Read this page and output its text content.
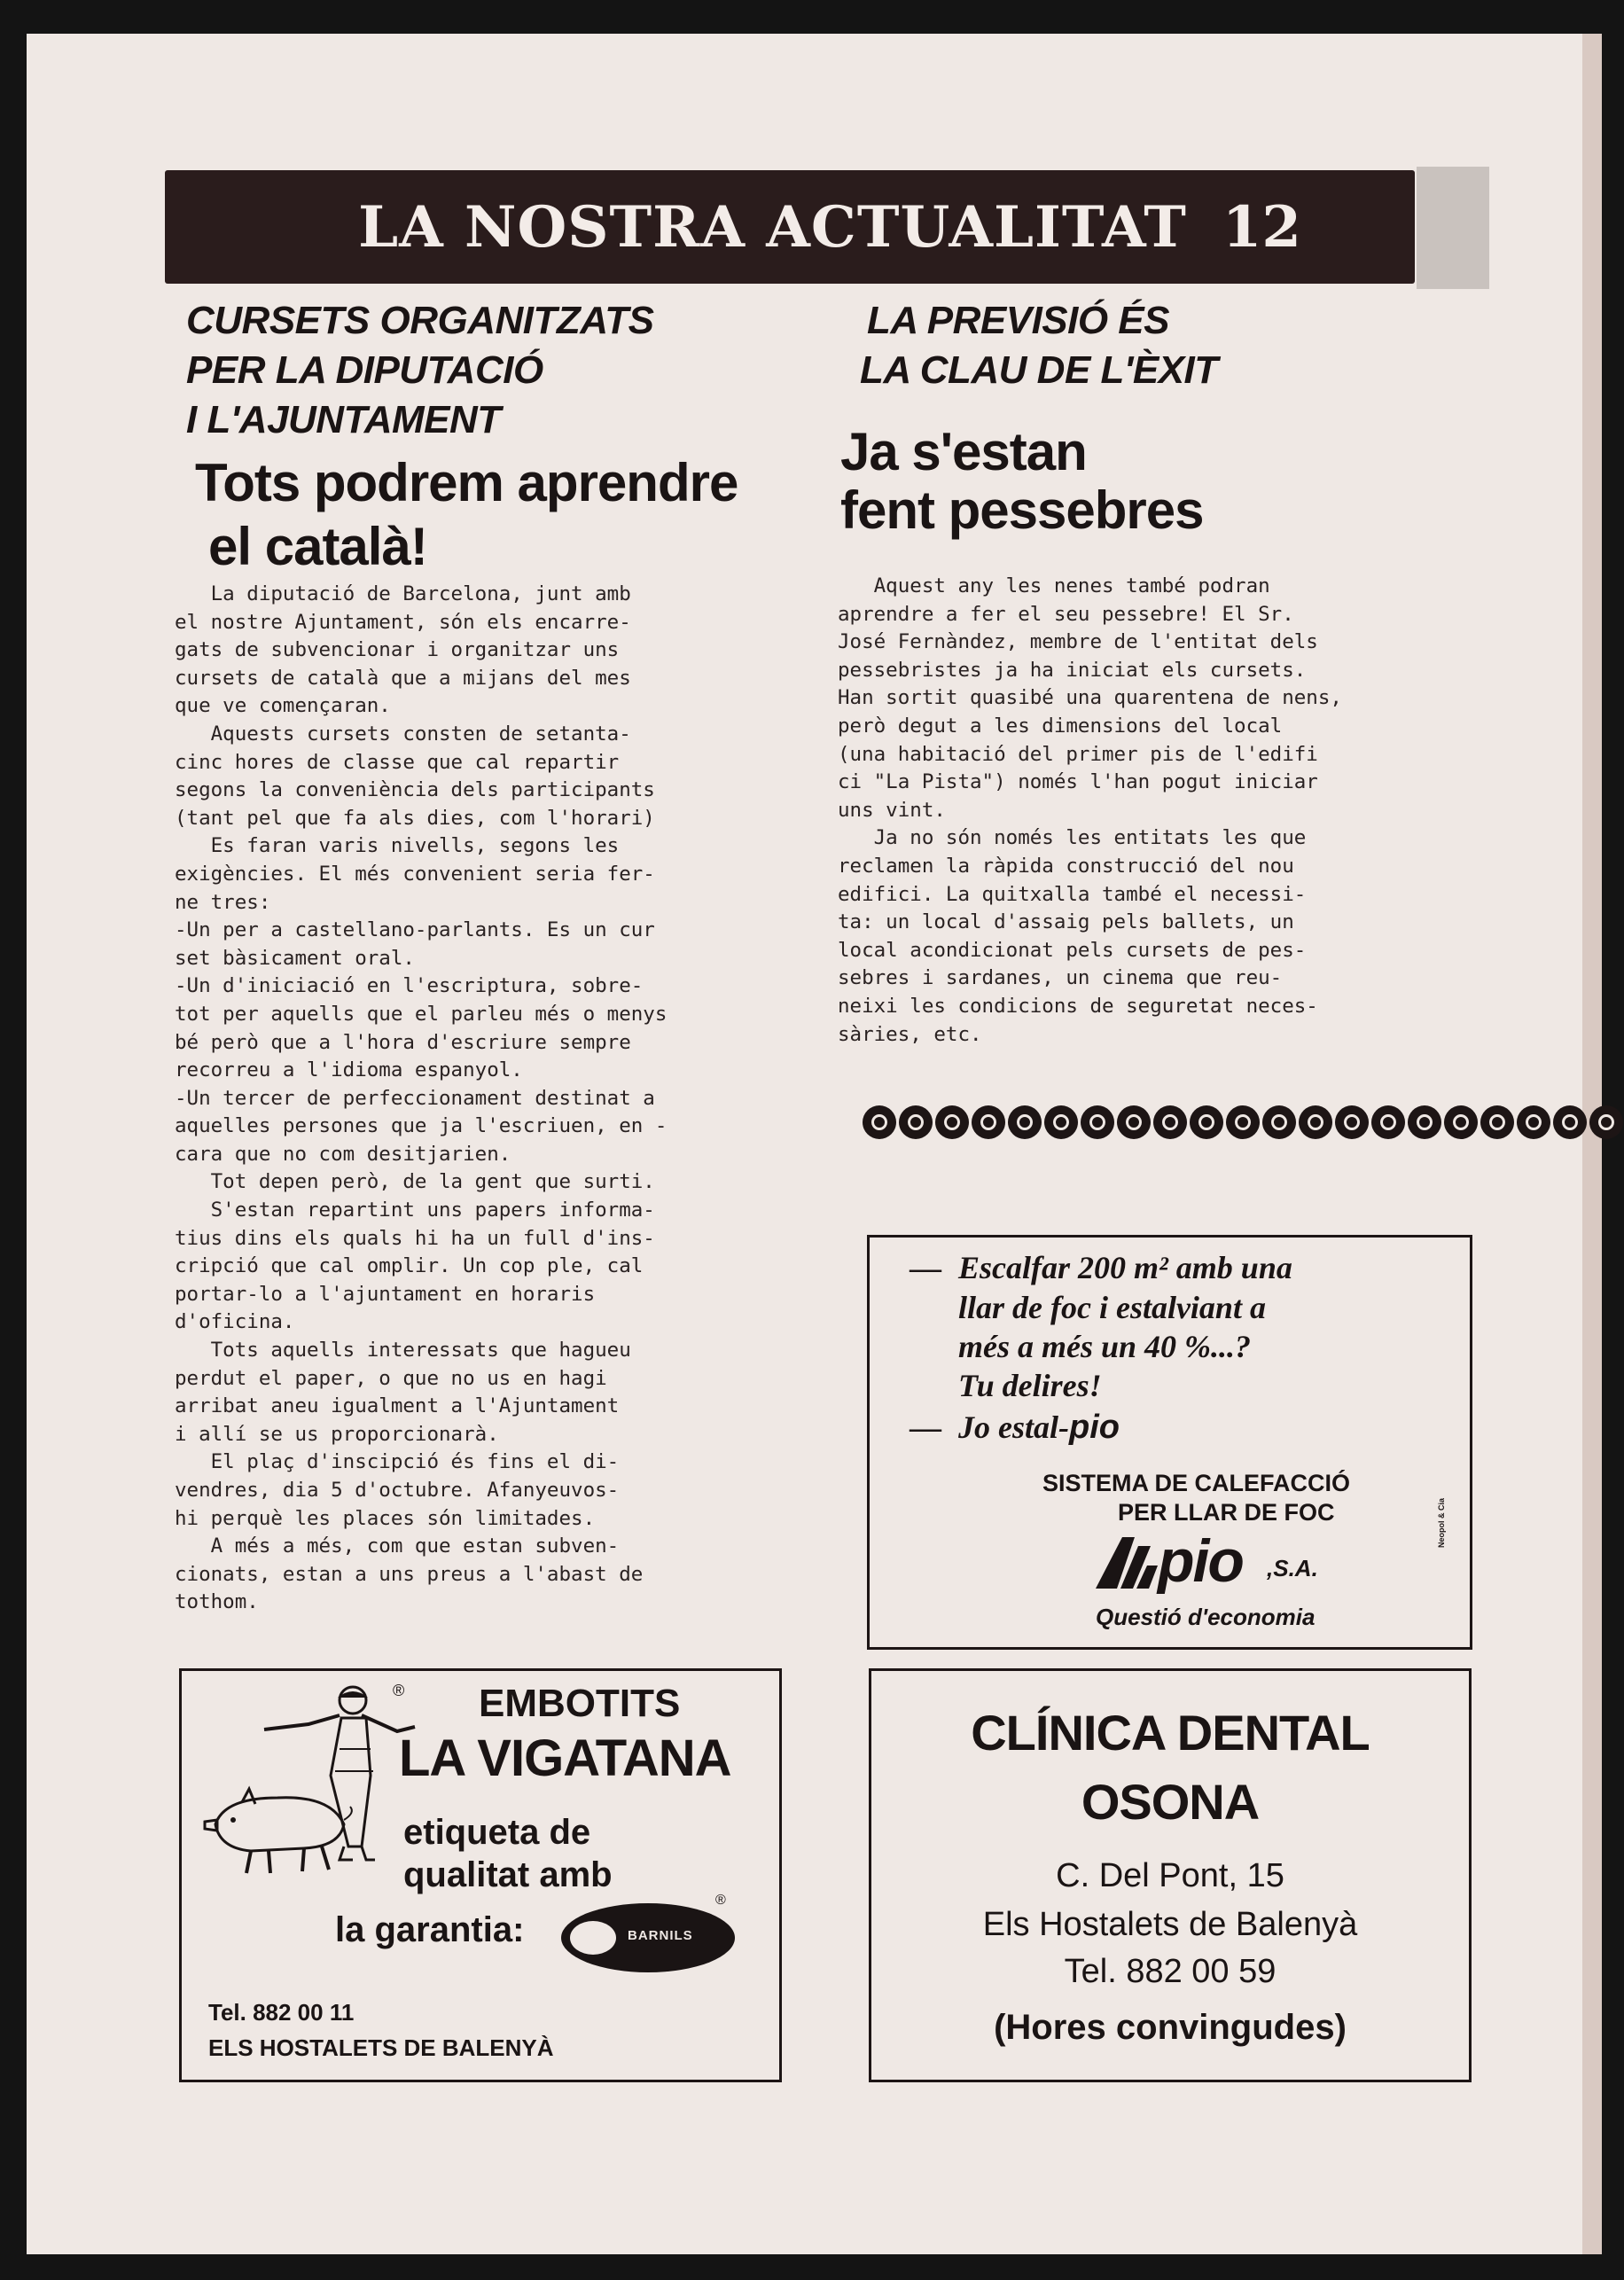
LA NOSTRA ACTUALITAT 12
CURSETS ORGANITZATS
PER LA DIPUTACIÓ
I L'AJUNTAMENT
Tots podrem aprendre
el català!
La diputació de Barcelona, junt amb
el nostre Ajuntament, són els encarre-
gats de subvencionar i organitzar uns
cursets de català que a mijans del mes
que ve començaran.
Aquests cursets consten de setanta-
cinc hores de classe que cal repartir
segons la conveniència dels participants
(tant pel que fa als dies, com l'horari)
Es faran varis nivells, segons les
exigències. El més convenient seria fer-
ne tres:
-Un per a castellano-parlants. Es un cur
set bàsicament oral.
-Un d'iniciació en l'escriptura, sobre-
tot per aquells que el parleu més o menys
bé però que a l'hora d'escriure sempre
recorreu a l'idioma espanyol.
-Un tercer de perfeccionament destinat a
aquelles persones que ja l'escriuen, en -
cara que no com desitjarien.
Tot depen però, de la gent que surti.
S'estan repartint uns papers informa-
tius dins els quals hi ha un full d'ins-
cripció que cal omplir. Un cop ple, cal
portar-lo a l'ajuntament en horaris
d'oficina.
Tots aquells interessats que hagueu
perdut el paper, o que no us en hagi
arribat aneu igualment a l'Ajuntament
i allí se us proporcionarà.
El plaç d'inscipció és fins el di-
vendres, dia 5 d'octubre. Afanyeuvos-
hi perquè les places són limitades.
A més a més, com que estan subven-
cionats, estan a uns preus a l'abast de
tothom.
LA PREVISIÓ ÉS
LA CLAU DE L'ÈXIT
Ja s'estan
fent pessebres
Aquest any les nenes també podran
aprendre a fer el seu pessebre! El Sr.
José Fernàndez, membre de l'entitat dels
pessebristes ja ha iniciat els cursets.
Han sortit quasibé una quarentena de nens,
però degut a les dimensions del local
(una habitació del primer pis de l'edifi
ci "La Pista") només l'han pogut iniciar
uns vint.
Ja no són només les entitats les que
reclamen la ràpida construcció del nou
edifici. La quitxalla també el necessi-
ta: un local d'assaig pels ballets, un
local acondicionat pels cursets de pes-
sebres i sardanes, un cinema que reu-
neixi les condicions de seguretat neces-
sàries, etc.
— Escalfar 200 m² amb una
llar de foc i estalviant a
més a més un 40 %...?
Tu delires!
— Jo estal-pio
SISTEMA DE CALEFACCIÓ
PER LLAR DE FOC
pio ,S.A.
Questió d'economia
Neopol & Cia
® EMBOTITS
LA VIGATANA
etiqueta de
qualitat amb
la garantia:	BARNILS
®
Tel. 882 00 11
ELS HOSTALETS DE BALENYÀ
CLÍNICA DENTAL
OSONA
C. Del Pont, 15
Els Hostalets de Balenyà
Tel. 882 00 59
(Hores convingudes)
